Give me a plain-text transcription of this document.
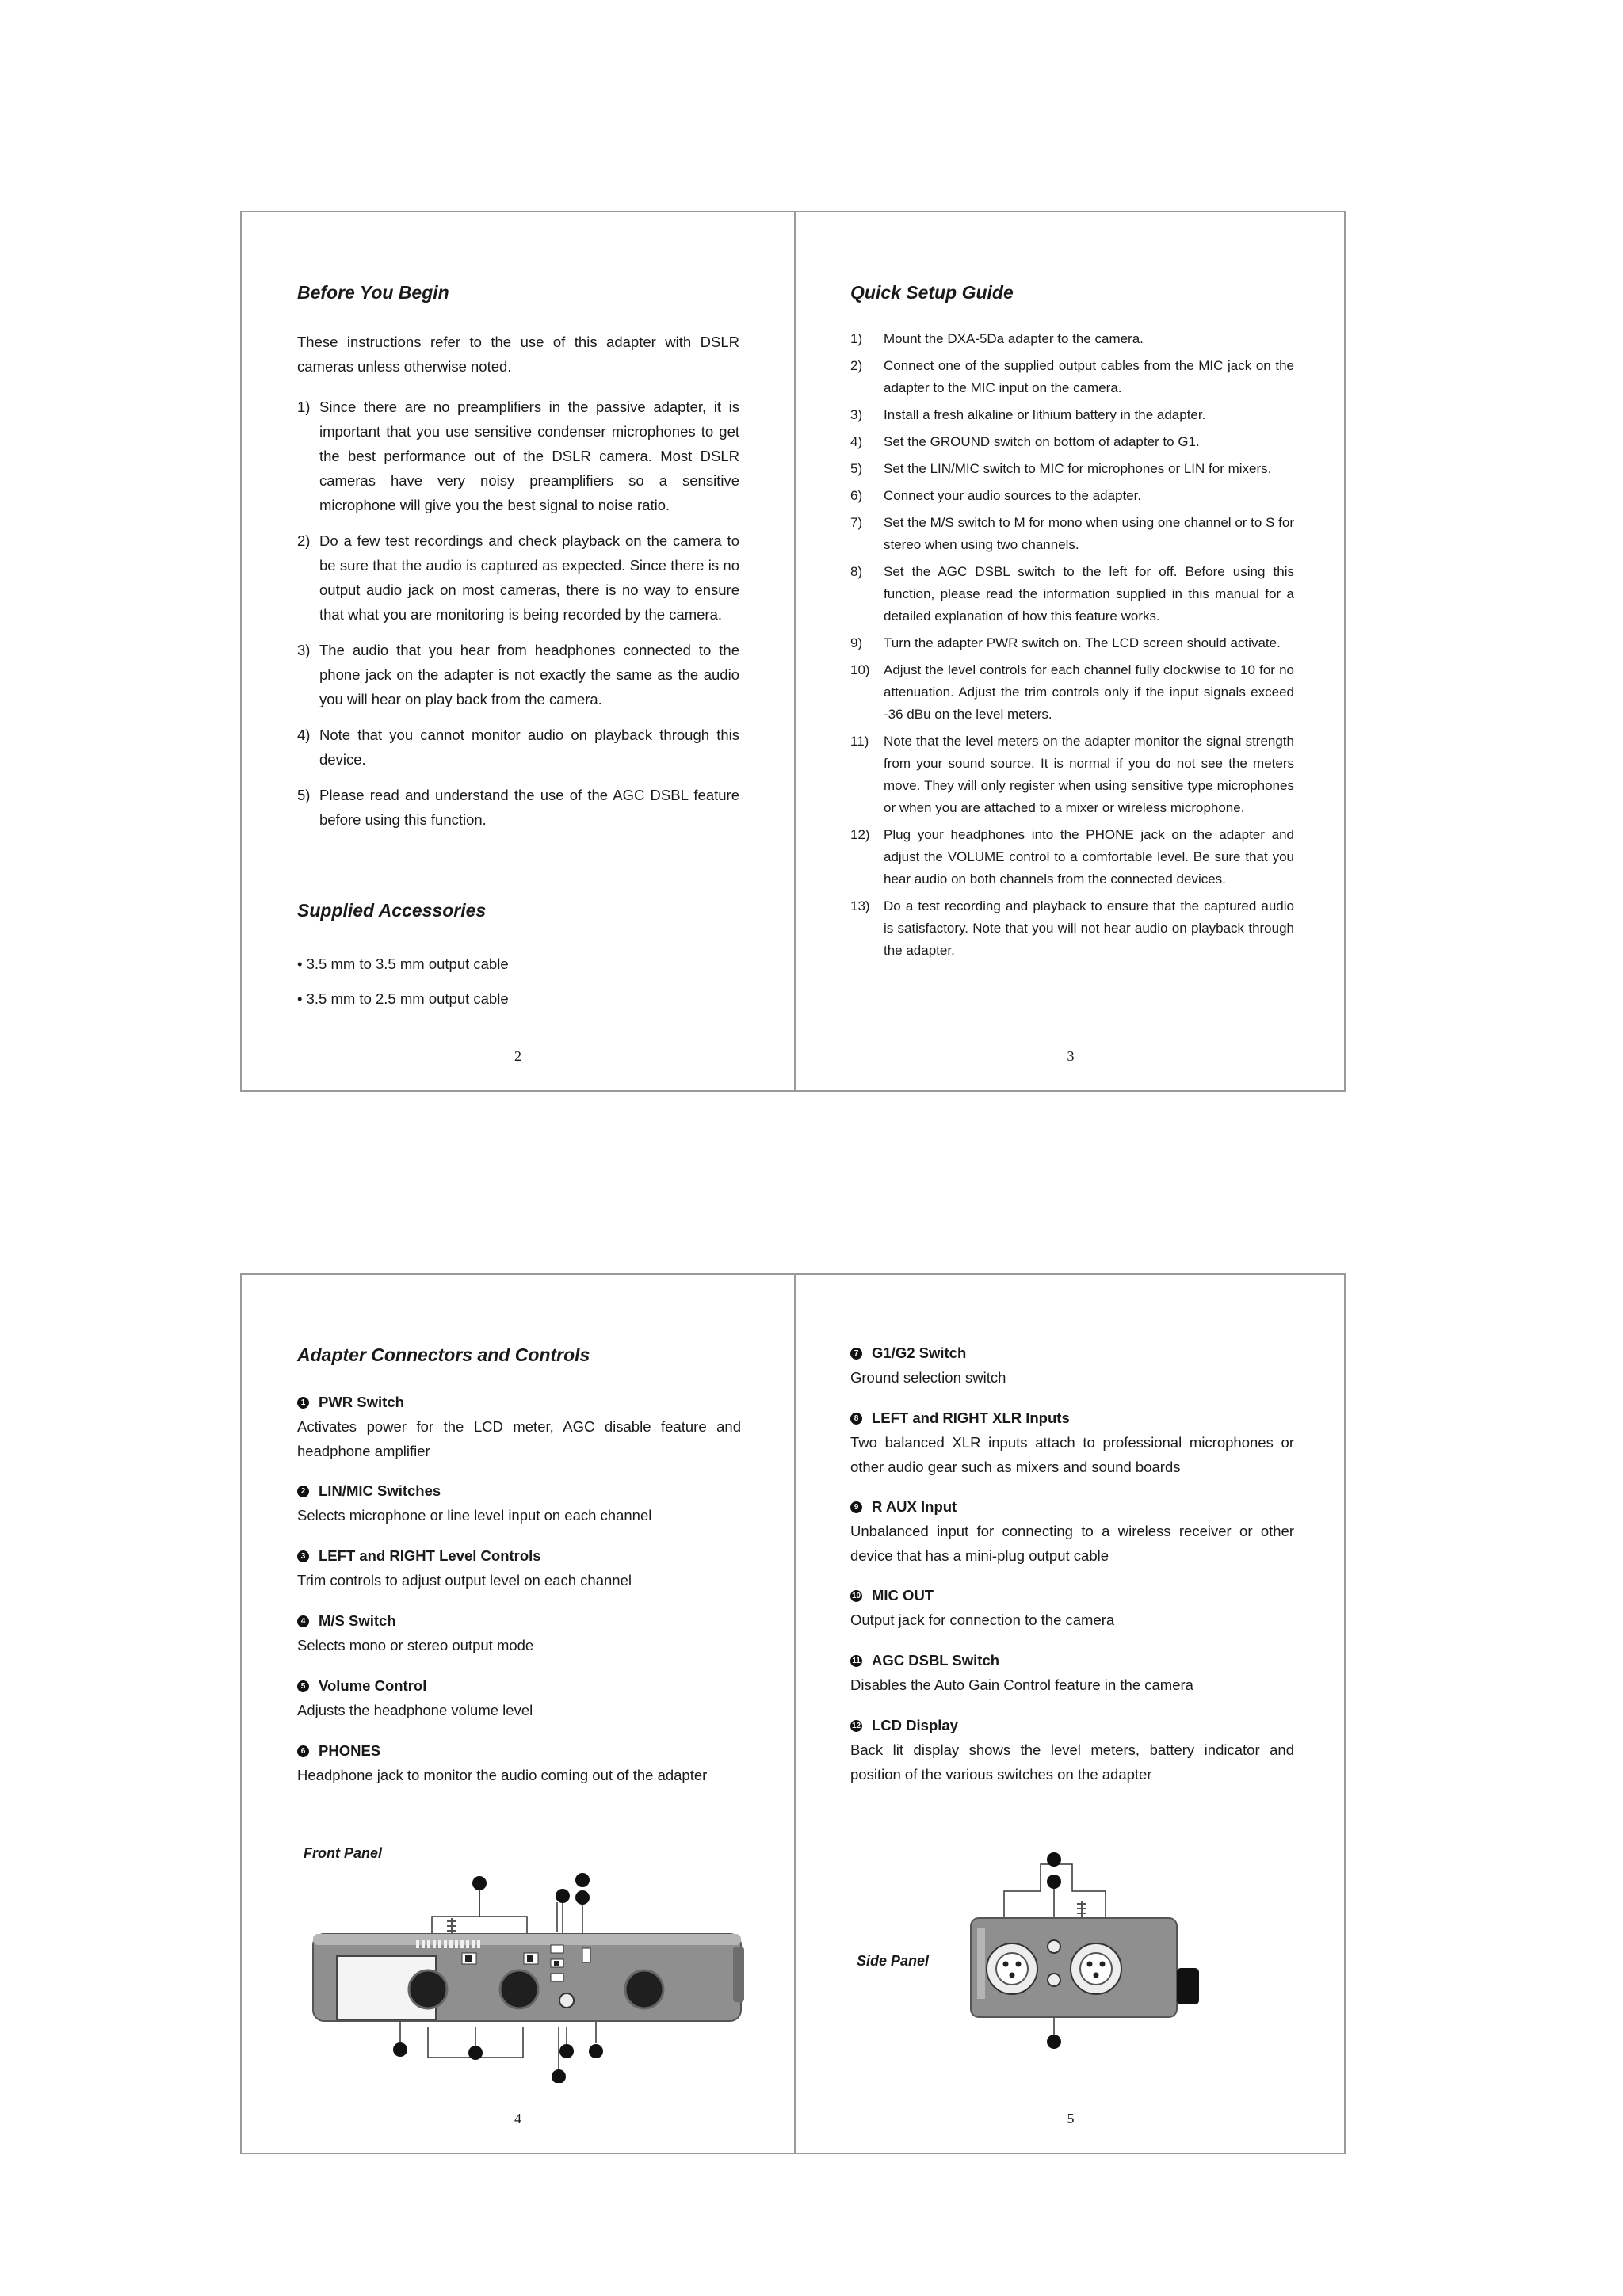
Before You Begin
These instructions refer to the use of this adapter with DSLR cameras unless otherwise noted.
1) Since there are no preamplifiers in the passive adapter, it is important that you use sensitive condenser microphones to get the best performance out of the DSLR camera. Most DSLR cameras have very noisy preamplifiers so a sensitive microphone will give you the best signal to noise ratio.
2) Do a few test recordings and check playback on the camera to be sure that the audio is captured as expected. Since there is no output audio jack on most cameras, there is no way to ensure that what you are monitoring is being recorded by the camera.
3) The audio that you hear from headphones connected to the phone jack on the adapter is not exactly the same as the audio you will hear on play back from the camera.
4) Note that you cannot monitor audio on playback through this device.
5) Please read and understand the use of the AGC DSBL feature before using this function.
Supplied Accessories
• 3.5 mm to 3.5 mm output cable
• 3.5 mm to 2.5 mm output cable
2
Quick Setup Guide
1) Mount the DXA-5Da adapter to the camera.
2) Connect one of the supplied output cables from the MIC jack on the adapter to the MIC input on the camera.
3) Install a fresh alkaline or lithium battery in the adapter.
4) Set the GROUND switch on bottom of adapter to G1.
5) Set the LIN/MIC switch to MIC for microphones or LIN for mixers.
6) Connect your audio sources to the adapter.
7) Set the M/S switch to M for mono when using one channel or to S for stereo when using two channels.
8) Set the AGC DSBL switch to the left for off. Before using this function, please read the information supplied in this manual for a detailed explanation of how this feature works.
9) Turn the adapter PWR switch on. The LCD screen should activate.
10) Adjust the level controls for each channel fully clockwise to 10 for no attenuation. Adjust the trim controls only if the input signals exceed -36 dBu on the level meters.
11) Note that the level meters on the adapter monitor the signal strength from your sound source. It is normal if you do not see the meters move. They will only register when using sensitive type microphones or when you are attached to a mixer or wireless microphone.
12) Plug your headphones into the PHONE jack on the adapter and adjust the VOLUME control to a comfortable level. Be sure that you hear audio on both channels from the connected devices.
13) Do a test recording and playback to ensure that the captured audio is satisfactory. Note that you will not hear audio on playback through the adapter.
3
Adapter Connectors and Controls
1 PWR Switch
Activates power for the LCD meter, AGC disable feature and headphone amplifier
2 LIN/MIC Switches
Selects microphone or line level input on each channel
3 LEFT and RIGHT Level Controls
Trim controls to adjust output level on each channel
4 M/S Switch
Selects mono or stereo output mode
5 Volume Control
Adjusts the headphone volume level
6 PHONES
Headphone jack to monitor the audio coming out of the adapter
Front Panel
4
7 G1/G2 Switch
Ground selection switch
8 LEFT and RIGHT XLR Inputs
Two balanced XLR inputs attach to professional microphones or other audio gear such as mixers and sound boards
9 R AUX Input
Unbalanced input for connecting to a wireless receiver or other device that has a mini-plug output cable
10 MIC OUT
Output jack for connection to the camera
11 AGC DSBL Switch
Disables the Auto Gain Control feature in the camera
12 LCD Display
Back lit display shows the level meters, battery indicator and position of the various switches on the adapter
Side Panel
5
